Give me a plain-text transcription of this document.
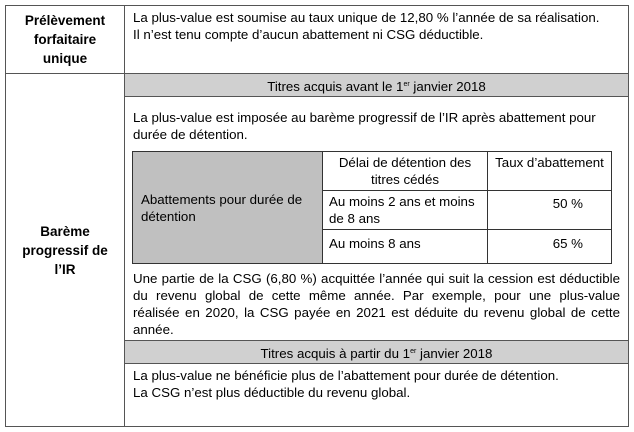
Prélèvement forfaitaire unique	

La plus-value est soumise au taux unique de 12,80 % l’année de sa réalisation.

Il n’est tenu compte d’aucun abattement ni CSG déductible.

Barème progressif de l’IR	
Titres acquis avant le 1er janvier 2018

La plus-value est imposée au barème progressif de l’IR après abattement pour durée de détention.

Abattements pour durée de détention	Délai de détention des titres cédés	Taux d’abattement
Au moins 2 ans et moins de 8 ans	50 %
Au moins 8 ans	65 %

Une partie de la CSG (6,80 %) acquittée l’année qui suit la cession est déductible du revenu global de cette même année. Par exemple, pour une plus-value réalisée en 2020, la CSG payée en 2021 est déduite du revenu global de cette année.

Titres acquis à partir du 1er janvier 2018

La plus-value ne bénéficie plus de l’abattement pour durée de détention.

La CSG n’est plus déductible du revenu global.
